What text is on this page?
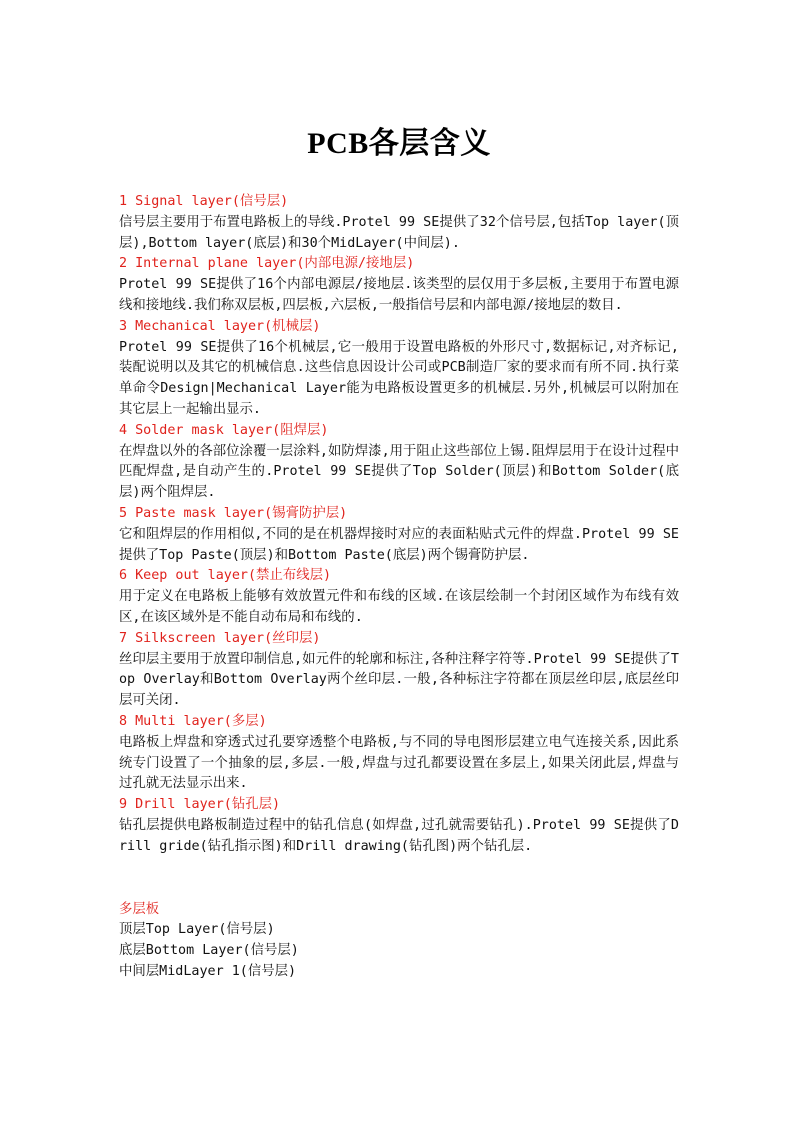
PCB各层含义
1 Signal layer(信号层)
信号层主要用于布置电路板上的导线.Protel 99 SE提供了32个信号层,包括Top layer(顶层),Bottom layer(底层)和30个MidLayer(中间层).
2 Internal plane layer(内部电源/接地层)
Protel 99 SE提供了16个内部电源层/接地层.该类型的层仅用于多层板,主要用于布置电源线和接地线.我们称双层板,四层板,六层板,一般指信号层和内部电源/接地层的数目.
3 Mechanical layer(机械层)
Protel 99 SE提供了16个机械层,它一般用于设置电路板的外形尺寸,数据标记,对齐标记,装配说明以及其它的机械信息.这些信息因设计公司或PCB制造厂家的要求而有所不同.执行菜单命令Design|Mechanical Layer能为电路板设置更多的机械层.另外,机械层可以附加在其它层上一起输出显示.
4 Solder mask layer(阻焊层)
在焊盘以外的各部位涂覆一层涂料,如防焊漆,用于阻止这些部位上锡.阻焊层用于在设计过程中匹配焊盘,是自动产生的.Protel 99 SE提供了Top Solder(顶层)和Bottom Solder(底层)两个阻焊层.
5 Paste mask layer(锡膏防护层)
它和阻焊层的作用相似,不同的是在机器焊接时对应的表面粘贴式元件的焊盘.Protel 99 SE提供了Top Paste(顶层)和Bottom Paste(底层)两个锡膏防护层.
6 Keep out layer(禁止布线层)
用于定义在电路板上能够有效放置元件和布线的区域.在该层绘制一个封闭区域作为布线有效区,在该区域外是不能自动布局和布线的.
7 Silkscreen layer(丝印层)
丝印层主要用于放置印制信息,如元件的轮廓和标注,各种注释字符等.Protel 99 SE提供了Top Overlay和Bottom Overlay两个丝印层.一般,各种标注字符都在顶层丝印层,底层丝印层可关闭.
8 Multi layer(多层)
电路板上焊盘和穿透式过孔要穿透整个电路板,与不同的导电图形层建立电气连接关系,因此系统专门设置了一个抽象的层,多层.一般,焊盘与过孔都要设置在多层上,如果关闭此层,焊盘与过孔就无法显示出来.
9 Drill layer(钻孔层)
钻孔层提供电路板制造过程中的钻孔信息(如焊盘,过孔就需要钻孔).Protel 99 SE提供了Drill gride(钻孔指示图)和Drill drawing(钻孔图)两个钻孔层.
多层板
顶层Top Layer(信号层)
底层Bottom Layer(信号层)
中间层MidLayer 1(信号层)
